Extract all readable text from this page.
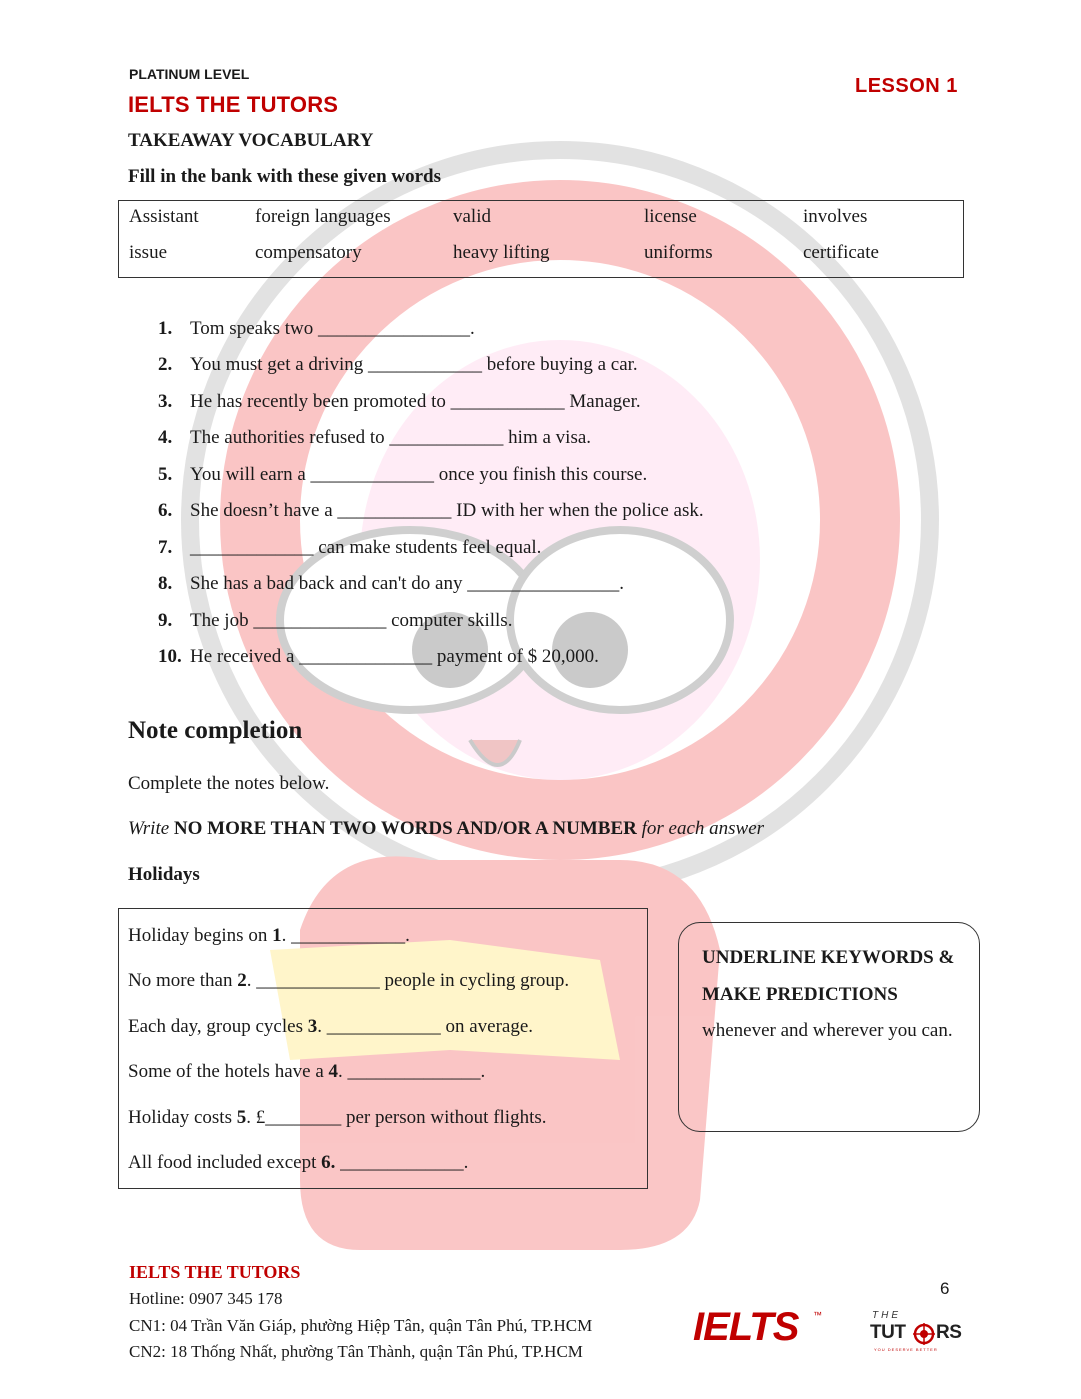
PLATINUM LEVEL
IELTS THE TUTORS
LESSON 1
TAKEAWAY VOCABULARY
Fill in the bank with these given words
Assistant	foreign languages	valid	license	involves
issue	compensatory	heavy lifting	uniforms	certificate
1. Tom speaks two ________________.
2. You must get a driving ____________ before buying a car.
3. He has recently been promoted to ____________ Manager.
4. The authorities refused to ____________ him a visa.
5. You will earn a _____________ once you finish this course.
6. She doesn’t have a ____________ ID with her when the police ask.
7. _____________ can make students feel equal.
8. She has a bad back and can't do any ________________.
9. The job ______________ computer skills.
10. He received a ______________ payment of $ 20,000.
Note completion
Complete the notes below.
Write NO MORE THAN TWO WORDS AND/OR A NUMBER for each answer
Holidays
Holiday begins on 1. ____________.
No more than 2. _____________ people in cycling group.
Each day, group cycles 3. ____________ on average.
Some of the hotels have a 4. ______________.
Holiday costs 5. £________ per person without flights.
All food included except 6. _____________.
UNDERLINE KEYWORDS & MAKE PREDICTIONS whenever and wherever you can.
IELTS THE TUTORS
Hotline: 0907 345 178
CN1: 04 Trần Văn Giáp, phường Hiệp Tân, quận Tân Phú, TP.HCM
CN2: 18 Thống Nhất, phường Tân Thành, quận Tân Phú, TP.HCM
6
IELTS ™	THE
TUT RS
YOU DESERVE BETTER
